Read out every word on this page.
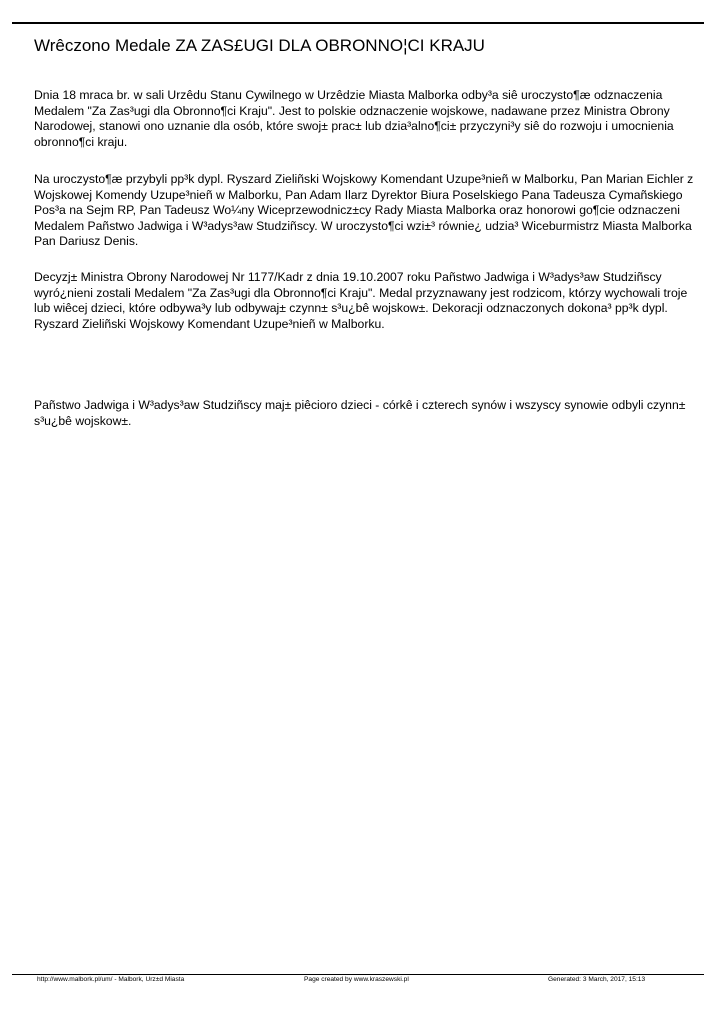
Wrêczono Medale ZA ZAS£UGI DLA OBRONNO¦CI KRAJU

Dnia 18 mraca br. w sali Urzêdu Stanu Cywilnego w Urzêdzie Miasta Malborka odby³a siê uroczysto¶æ odznaczenia Medalem "Za Zas³ugi dla Obronno¶ci Kraju". Jest to polskie odznaczenie wojskowe, nadawane przez Ministra Obrony Narodowej, stanowi ono uznanie dla osób, które swoj± prac± lub dzia³alno¶ci± przyczyni³y siê do rozwoju i umocnienia obronno¶ci kraju.

Na uroczysto¶æ przybyli pp³k dypl. Ryszard Zieliñski Wojskowy Komendant Uzupe³nieñ w Malborku, Pan Marian Eichler z Wojskowej Komendy Uzupe³nieñ w Malborku, Pan Adam Ilarz Dyrektor Biura Poselskiego Pana Tadeusza Cymañskiego Pos³a na Sejm RP, Pan Tadeusz Wo¼ny Wiceprzewodnicz±cy Rady Miasta Malborka oraz honorowi go¶cie odznaczeni Medalem Pañstwo Jadwiga i W³adys³aw Studziñscy. W uroczysto¶ci wzi±³ równie¿ udzia³ Wiceburmistrz Miasta Malborka Pan Dariusz Denis.

Decyzj± Ministra Obrony Narodowej Nr 1177/Kadr z dnia 19.10.2007 roku Pañstwo Jadwiga i W³adys³aw Studziñscy wyró¿nieni zostali Medalem "Za Zas³ugi dla Obronno¶ci Kraju". Medal przyznawany jest rodzicom, którzy wychowali troje lub wiêcej dzieci, które odbywa³y lub odbywaj± czynn± s³u¿bê wojskow±. Dekoracji odznaczonych dokona³ pp³k dypl. Ryszard Zieliñski Wojskowy Komendant Uzupe³nieñ w Malborku.

Pañstwo Jadwiga i W³adys³aw Studziñscy maj± piêcioro dzieci - córkê i czterech synów i wszyscy synowie odbyli czynn± s³u¿bê wojskow±.

http://www.malbork.pl/um/ - Malbork, Urz±d Miasta	Page created by www.kraszewski.pl	Generated: 3 March, 2017, 15:13
